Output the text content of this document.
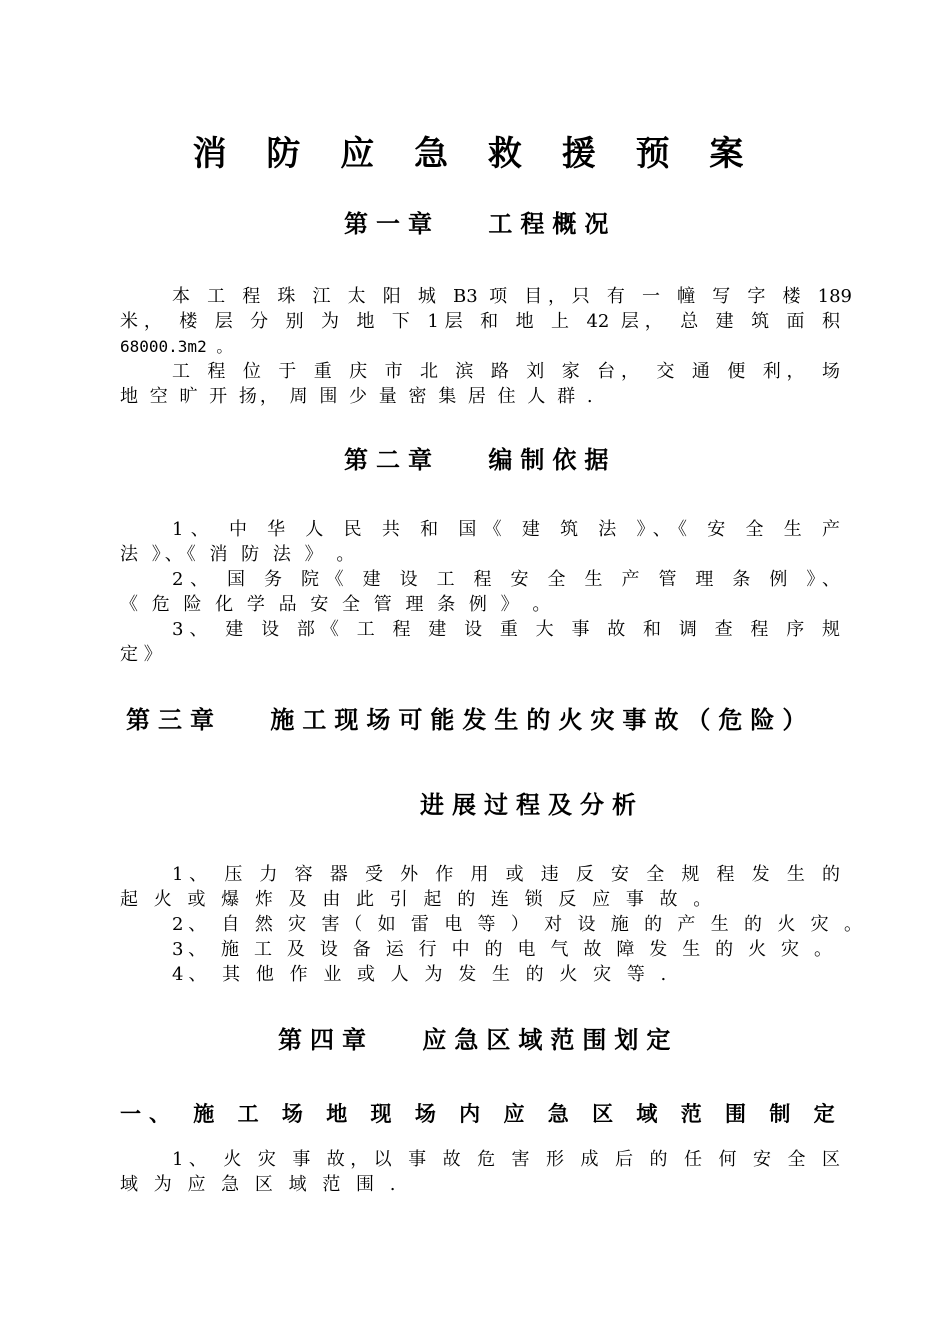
消 防 应 急 救 援 预 案
第一章 工程概况
本 工 程 珠 江 太 阳 城 B3 项 目，只 有 一 幢 写 字 楼 189
米， 楼 层 分 别 为 地 下 1层 和 地 上 42 层， 总 建 筑 面 积
68000.3m2 。
工 程 位 于 重 庆 市 北 滨 路 刘 家 台， 交 通 便 利， 场
地 空 旷 开 扬， 周 围 少 量 密 集 居 住 人 群 .
第二章 编制依据
1、 中 华 人 民 共 和 国《 建 筑 法 》、《 安 全 生 产
法 》、《 消 防 法 》 。
2、 国 务 院《 建 设 工 程 安 全 生 产 管 理 条 例 》、
《 危 险 化 学 品 安 全 管 理 条 例 》 。
3、 建 设 部《 工 程 建 设 重 大 事 故 和 调 查 程 序 规
定 》
第三章 施工现场可能发生的火灾事故（危险）
进展过程及分析
1、 压 力 容 器 受 外 作 用 或 违 反 安 全 规 程 发 生 的
起 火 或 爆 炸 及 由 此 引 起 的 连 锁 反 应 事 故 。
2、 自 然 灾 害（ 如 雷 电 等 ） 对 设 施 的 产 生 的 火 灾 。
3、 施 工 及 设 备 运 行 中 的 电 气 故 障 发 生 的 火 灾 。
4、 其 他 作 业 或 人 为 发 生 的 火 灾 等 .
第四章 应急区域范围划定
一、 施 工 场 地 现 场 内 应 急 区 域 范 围 制 定
1、 火 灾 事 故，以 事 故 危 害 形 成 后 的 任 何 安 全 区
域 为 应 急 区 域 范 围 .
